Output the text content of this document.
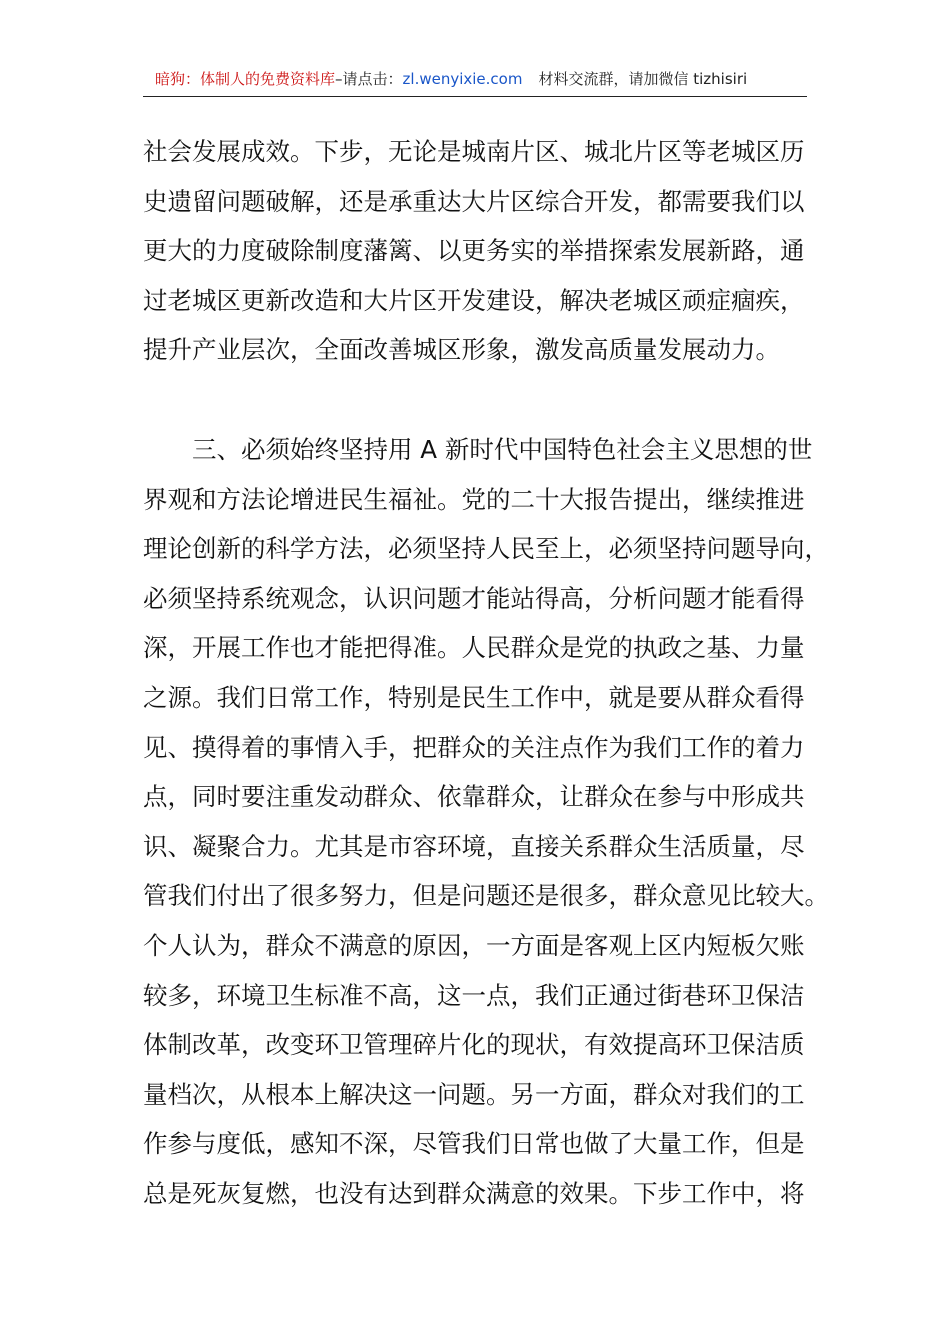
暗狗：体制人的免费资料库–请点击：zl.wenyixie.com 材料交流群，请加微信 tizhisiri
社会发展成效。下步，无论是城南片区、城北片区等老城区历
史遗留问题破解，还是承重达大片区综合开发，都需要我们以
更大的力度破除制度藩篱、以更务实的举措探索发展新路，通
过老城区更新改造和大片区开发建设，解决老城区顽症痼疾，
提升产业层次，全面改善城区形象，激发高质量发展动力。
三、必须始终坚持用 A 新时代中国特色社会主义思想的世
界观和方法论增进民生福祉。党的二十大报告提出，继续推进
理论创新的科学方法，必须坚持人民至上，必须坚持问题导向，
必须坚持系统观念，认识问题才能站得高，分析问题才能看得
深，开展工作也才能把得准。人民群众是党的执政之基、力量
之源。我们日常工作，特别是民生工作中，就是要从群众看得
见、摸得着的事情入手，把群众的关注点作为我们工作的着力
点，同时要注重发动群众、依靠群众，让群众在参与中形成共
识、凝聚合力。尤其是市容环境，直接关系群众生活质量，尽
管我们付出了很多努力，但是问题还是很多，群众意见比较大。
个人认为，群众不满意的原因，一方面是客观上区内短板欠账
较多，环境卫生标准不高，这一点，我们正通过街巷环卫保洁
体制改革，改变环卫管理碎片化的现状，有效提高环卫保洁质
量档次，从根本上解决这一问题。另一方面，群众对我们的工
作参与度低，感知不深，尽管我们日常也做了大量工作，但是
总是死灰复燃，也没有达到群众满意的效果。下步工作中，将
